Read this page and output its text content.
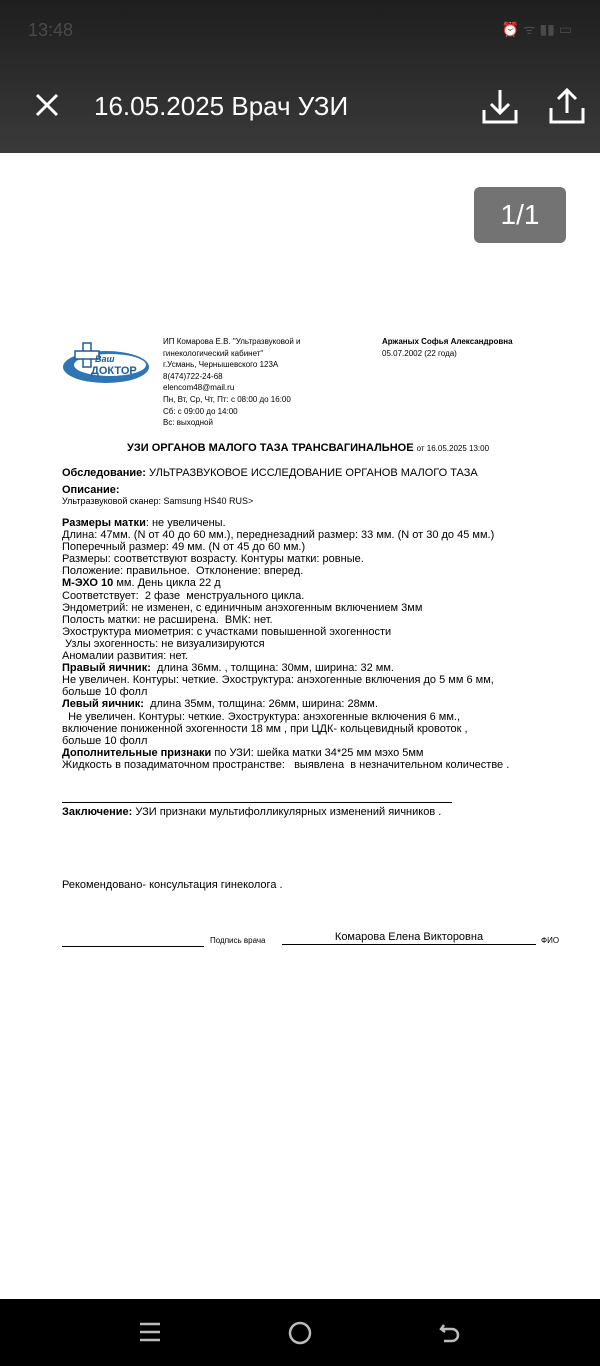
13:48	⏰ ᯤ ▮▮ ▭
16.05.2025 Врач УЗИ
1/1
Ваш
ДОКТОР
ИП Комарова Е.В. "Ультразвуковой и
гинекологический кабинет"
г.Усмань, Чернышевского 123А
8(474)722-24-68
elencom48@mail.ru
Пн, Вт, Ср, Чт, Пт: с 08:00 до 16:00
Сб: с 09:00 до 14:00
Вс: выходной
Аржаных Софья Александровна
05.07.2002 (22 года)
УЗИ ОРГАНОВ МАЛОГО ТАЗА ТРАНСВАГИНАЛЬНОЕ от 16.05.2025 13:00
Обследование: УЛЬТРАЗВУКОВОЕ ИССЛЕДОВАНИЕ ОРГАНОВ МАЛОГО ТАЗА
Описание:
Ультразвуковой сканер: Samsung HS40 RUS>
Размеры матки: не увеличены.
Длина: 47мм. (N от 40 до 60 мм.), переднезадний размер: 33 мм. (N от 30 до 45 мм.)
Поперечный размер: 49 мм. (N от 45 до 60 мм.)
Размеры: соответствуют возрасту. Контуры матки: ровные.
Положение: правильное.  Отклонение: вперед.
М-ЭХО 10 мм. День цикла 22 д
Соответствует:  2 фазе  менструального цикла.
Эндометрий: не изменен, с единичным анэхогенным включением 3мм
Полость матки: не расширена.  ВМК: нет.
Эхоструктура миометрия: с участками повышенной эхогенности
Узлы эхогенность: не визуализируются
Аномалии развития: нет.
Правый яичник:  длина 36мм. , толщина: 30мм, ширина: 32 мм.
Не увеличен. Контуры: четкие. Эхоструктура: анэхогенные включения до 5 мм 6 мм,
больше 10 фолл
Левый яичник:  длина 35мм, толщина: 26мм, ширина: 28мм.
Не увеличен. Контуры: четкие. Эхоструктура: анэхогенные включения 6 мм.,
включение пониженной эхогенности 18 мм , при ЦДК- кольцевидный кровоток ,
больше 10 фолл
Дополнительные признаки по УЗИ: шейка матки 34*25 мм мэхо 5мм
Жидкость в позадиматочном пространстве:   выявлена  в незначительном количестве .
Заключение: УЗИ признаки мультифолликулярных изменений яичников .
Рекомендовано- консультация гинеколога .
Подпись врача	Комарова Елена Викторовна	ФИО
